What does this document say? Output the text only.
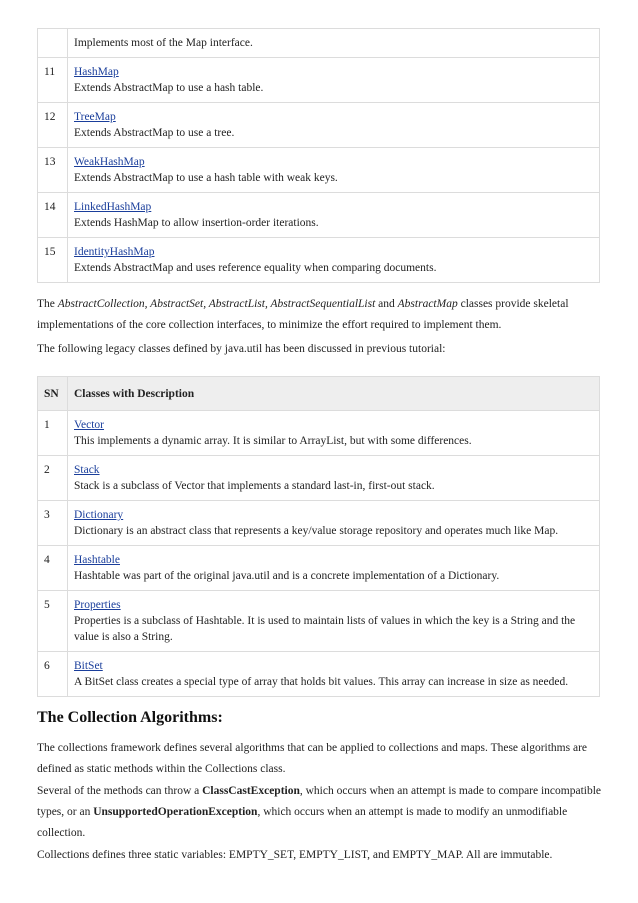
	Implements most of the Map interface.

11	HashMap
Extends AbstractMap to use a hash table.

12	TreeMap
Extends AbstractMap to use a tree.

13	WeakHashMap
Extends AbstractMap to use a hash table with weak keys.

14	LinkedHashMap
Extends HashMap to allow insertion-order iterations.

15	IdentityHashMap
Extends AbstractMap and uses reference equality when comparing documents.

The AbstractCollection, AbstractSet, AbstractList, AbstractSequentialList and AbstractMap classes provide skeletal implementations of the core collection interfaces, to minimize the effort required to implement them.

The following legacy classes defined by java.util has been discussed in previous tutorial:

SN	Classes with Description
1	Vector
This implements a dynamic array. It is similar to ArrayList, but with some differences.

2	Stack
Stack is a subclass of Vector that implements a standard last-in, first-out stack.

3	Dictionary
Dictionary is an abstract class that represents a key/value storage repository and operates much like Map.

4	Hashtable
Hashtable was part of the original java.util and is a concrete implementation of a Dictionary.

5	Properties
Properties is a subclass of Hashtable. It is used to maintain lists of values in which the key is a String and the value is also a String.

6	BitSet
A BitSet class creates a special type of array that holds bit values. This array can increase in size as needed.
The Collection Algorithms:

The collections framework defines several algorithms that can be applied to collections and maps. These algorithms are defined as static methods within the Collections class.

Several of the methods can throw a ClassCastException, which occurs when an attempt is made to compare incompatible types, or an UnsupportedOperationException, which occurs when an attempt is made to modify an unmodifiable collection.

Collections defines three static variables: EMPTY_SET, EMPTY_LIST, and EMPTY_MAP. All are immutable.
